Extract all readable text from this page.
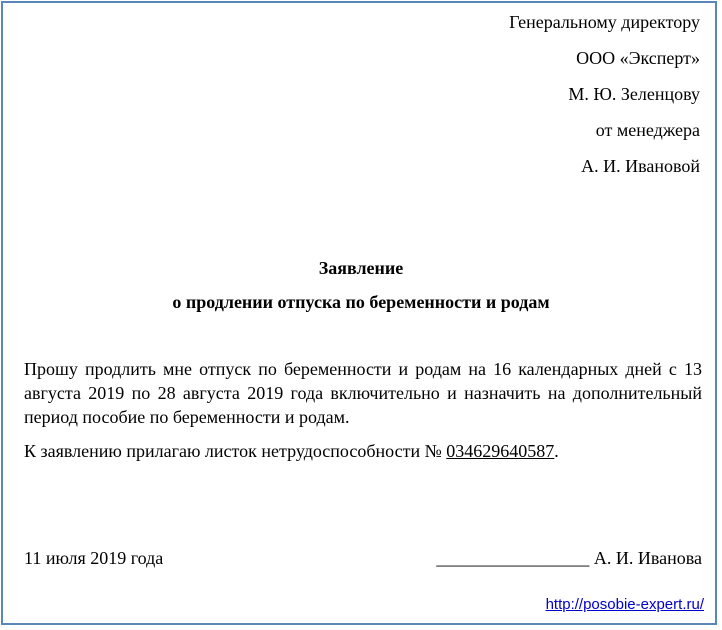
Генеральному директору
ООО «Эксперт»
М. Ю. Зеленцову
от менеджера
А. И. Ивановой
Заявление
о продлении отпуска по беременности и родам

Прошу продлить мне отпуск по беременности и родам на 16 календарных дней с 13 августа 2019 по 28 августа 2019 года включительно и назначить на дополнительный период пособие по беременности и родам.

К заявлению прилагаю листок нетрудоспособности № 034629640587.

11 июля 2019 года	_________________ А. И. Иванова
http://posobie-expert.ru/
